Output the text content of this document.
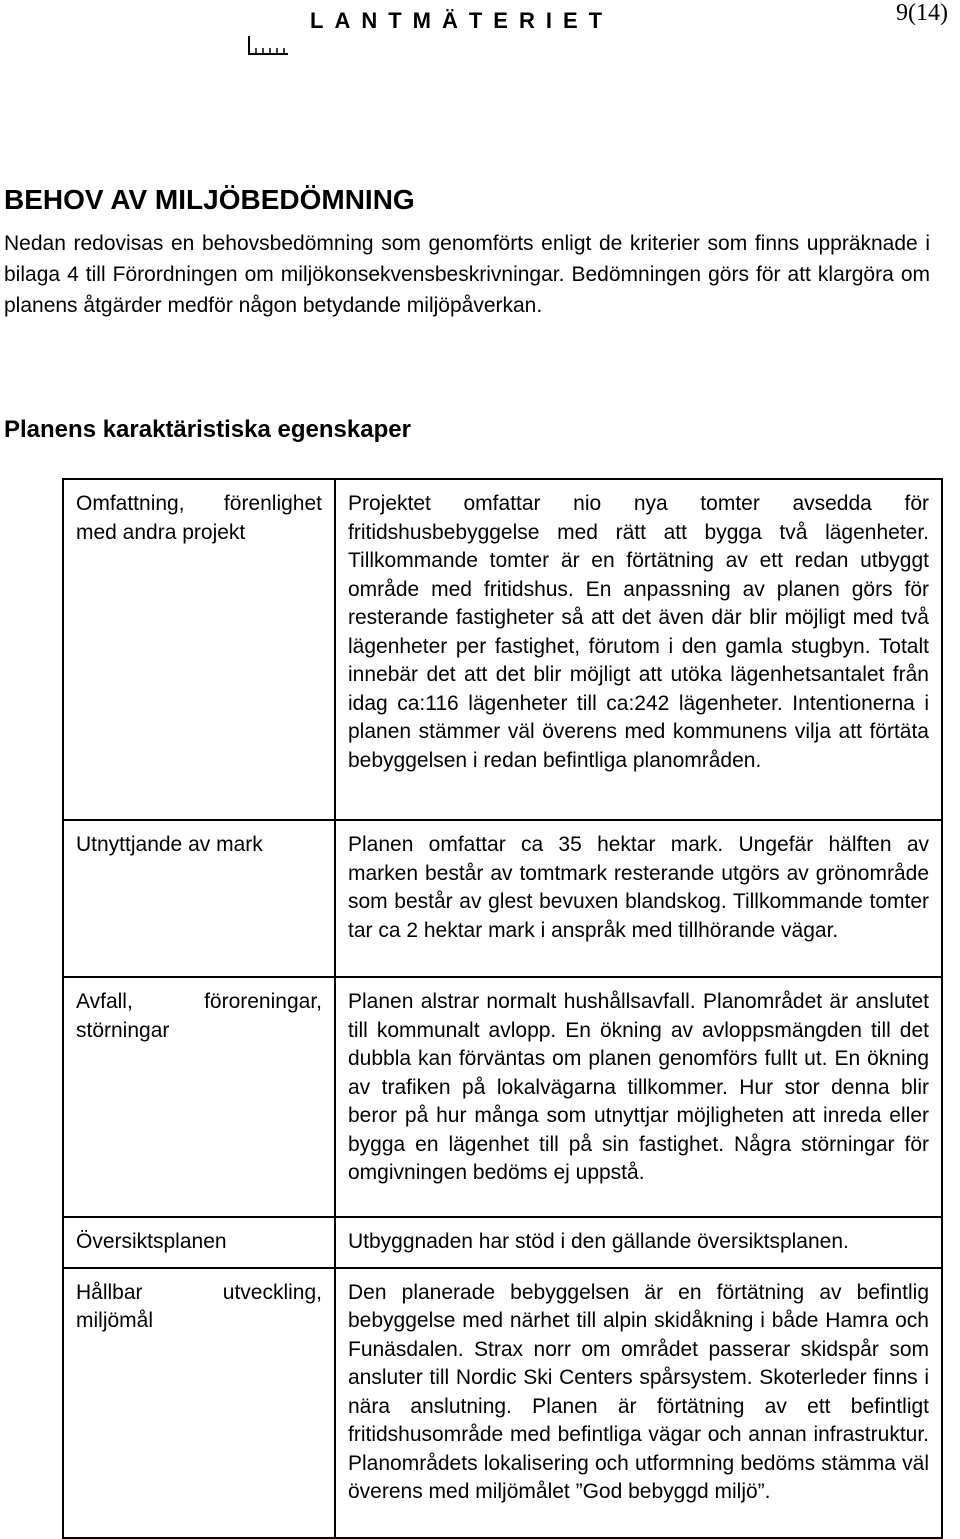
LANTMÄTERIET	9(14)
BEHOV AV MILJÖBEDÖMNING

Nedan redovisas en behovsbedömning som genomförts enligt de kriterier som finns uppräknade i bilaga 4 till Förordningen om miljökonsekvensbeskrivningar. Bedömningen görs för att klargöra om planens åtgärder medför någon betydande miljöpåverkan.

Planens karaktäristiska egenskaper
Omfattning, förenlighet med andra projekt	Projektet omfattar nio nya tomter avsedda för fritidshusbebyggelse med rätt att bygga två lägenheter. Tillkommande tomter är en förtätning av ett redan utbyggt område med fritidshus. En anpassning av planen görs för resterande fastigheter så att det även där blir möjligt med två lägenheter per fastighet, förutom i den gamla stugbyn. Totalt innebär det att det blir möjligt att utöka lägenhetsantalet från idag ca:116 lägenheter till ca:242 lägenheter. Intentionerna i planen stämmer väl överens med kommunens vilja att förtäta bebyggelsen i redan befintliga planområden.
Utnyttjande av mark	Planen omfattar ca 35 hektar mark. Ungefär hälften av marken består av tomtmark resterande utgörs av grönområde som består av glest bevuxen blandskog. Tillkommande tomter tar ca 2 hektar mark i anspråk med tillhörande vägar.
Avfall, föroreningar, störningar	Planen alstrar normalt hushållsavfall. Planområdet är anslutet till kommunalt avlopp. En ökning av avloppsmängden till det dubbla kan förväntas om planen genomförs fullt ut. En ökning av trafiken på lokalvägarna tillkommer. Hur stor denna blir beror på hur många som utnyttjar möjligheten att inreda eller bygga en lägenhet till på sin fastighet. Några störningar för omgivningen bedöms ej uppstå.
Översiktsplanen	Utbyggnaden har stöd i den gällande översiktsplanen.
Hållbar utveckling, miljömål	Den planerade bebyggelsen är en förtätning av befintlig bebyggelse med närhet till alpin skidåkning i både Hamra och Funäsdalen. Strax norr om området passerar skidspår som ansluter till Nordic Ski Centers spårsystem. Skoterleder finns i nära anslutning. Planen är förtätning av ett befintligt fritidshusområde med befintliga vägar och annan infrastruktur. Planområdets lokalisering och utformning bedöms stämma väl överens med miljömålet ”God bebyggd miljö”.
